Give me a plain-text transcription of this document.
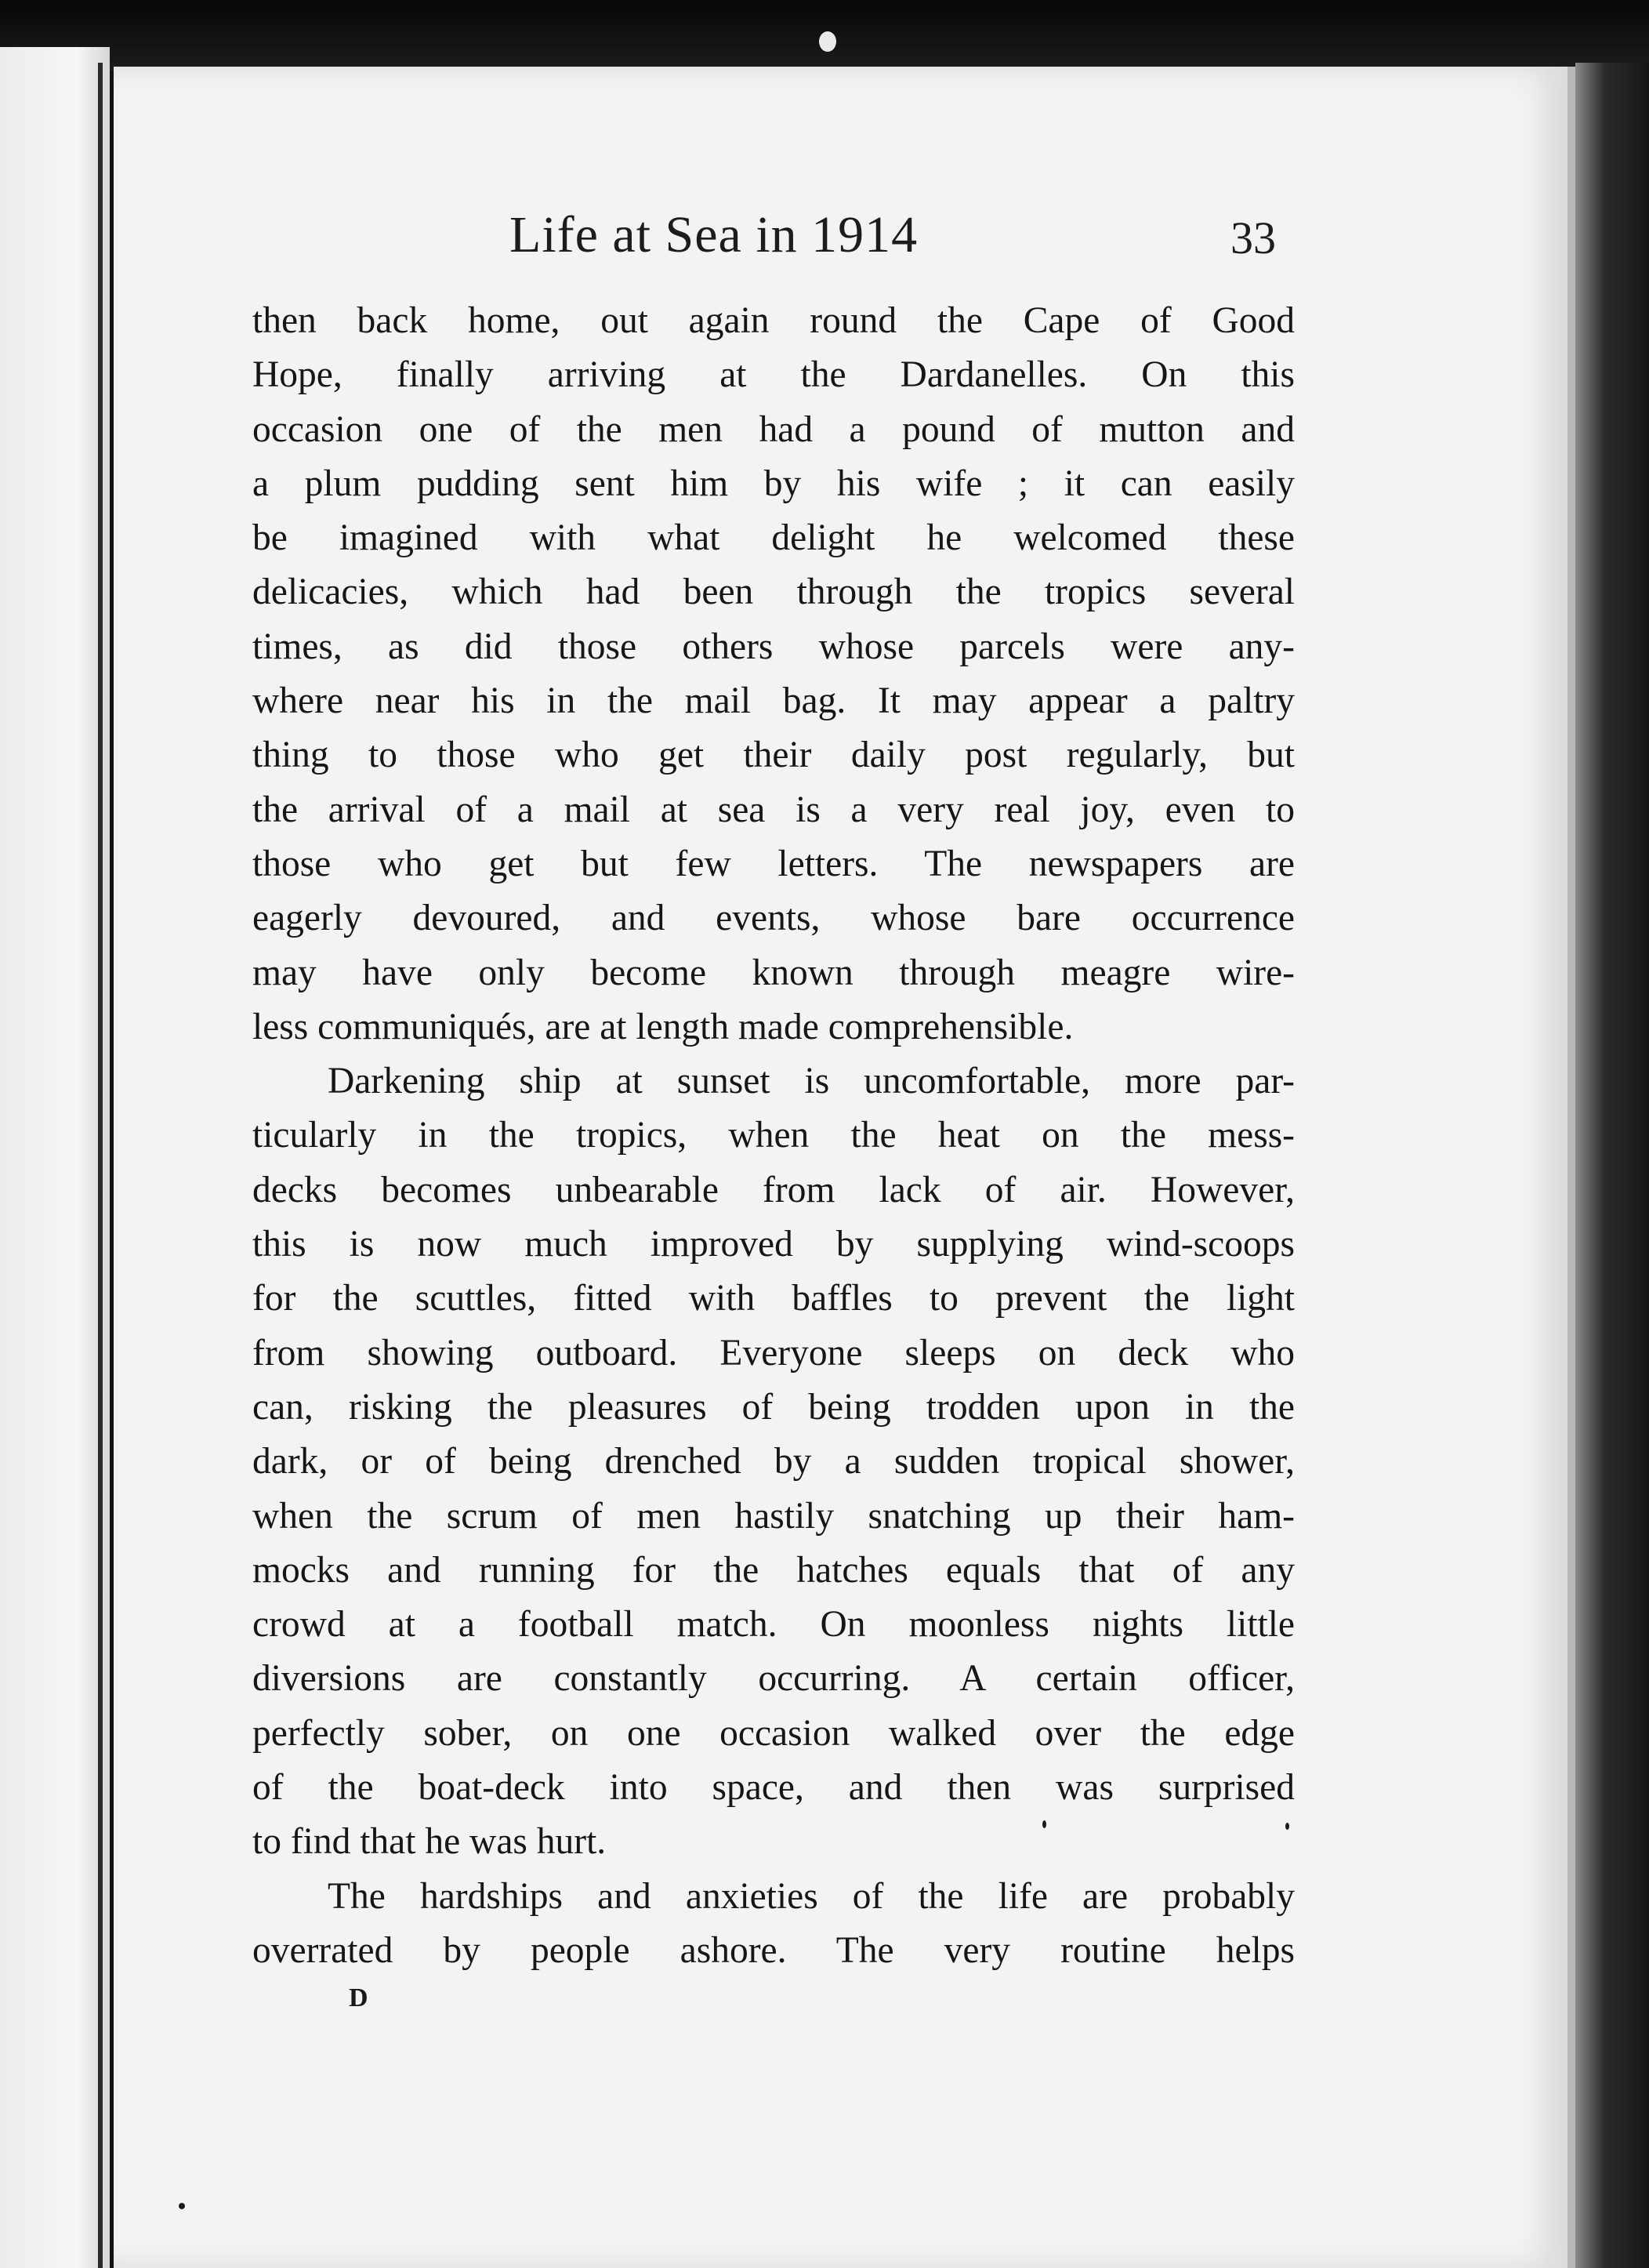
Life at Sea in 1914	33
then back home, out again round the Cape of Good
Hope, finally arriving at the Dardanelles. On this
occasion one of the men had a pound of mutton and
a plum pudding sent him by his wife ; it can easily
be imagined with what delight he welcomed these
delicacies, which had been through the tropics several
times, as did those others whose parcels were any-
where near his in the mail bag. It may appear a paltry
thing to those who get their daily post regularly, but
the arrival of a mail at sea is a very real joy, even to
those who get but few letters. The newspapers are
eagerly devoured, and events, whose bare occurrence
may have only become known through meagre wire-
less communiqués, are at length made comprehensible.
Darkening ship at sunset is uncomfortable, more par-
ticularly in the tropics, when the heat on the mess-
decks becomes unbearable from lack of air. However,
this is now much improved by supplying wind-scoops
for the scuttles, fitted with baffles to prevent the light
from showing outboard. Everyone sleeps on deck who
can, risking the pleasures of being trodden upon in the
dark, or of being drenched by a sudden tropical shower,
when the scrum of men hastily snatching up their ham-
mocks and running for the hatches equals that of any
crowd at a football match. On moonless nights little
diversions are constantly occurring. A certain officer,
perfectly sober, on one occasion walked over the edge
of the boat-deck into space, and then was surprised
to find that he was hurt.
The hardships and anxieties of the life are probably
overrated by people ashore. The very routine helps
D
